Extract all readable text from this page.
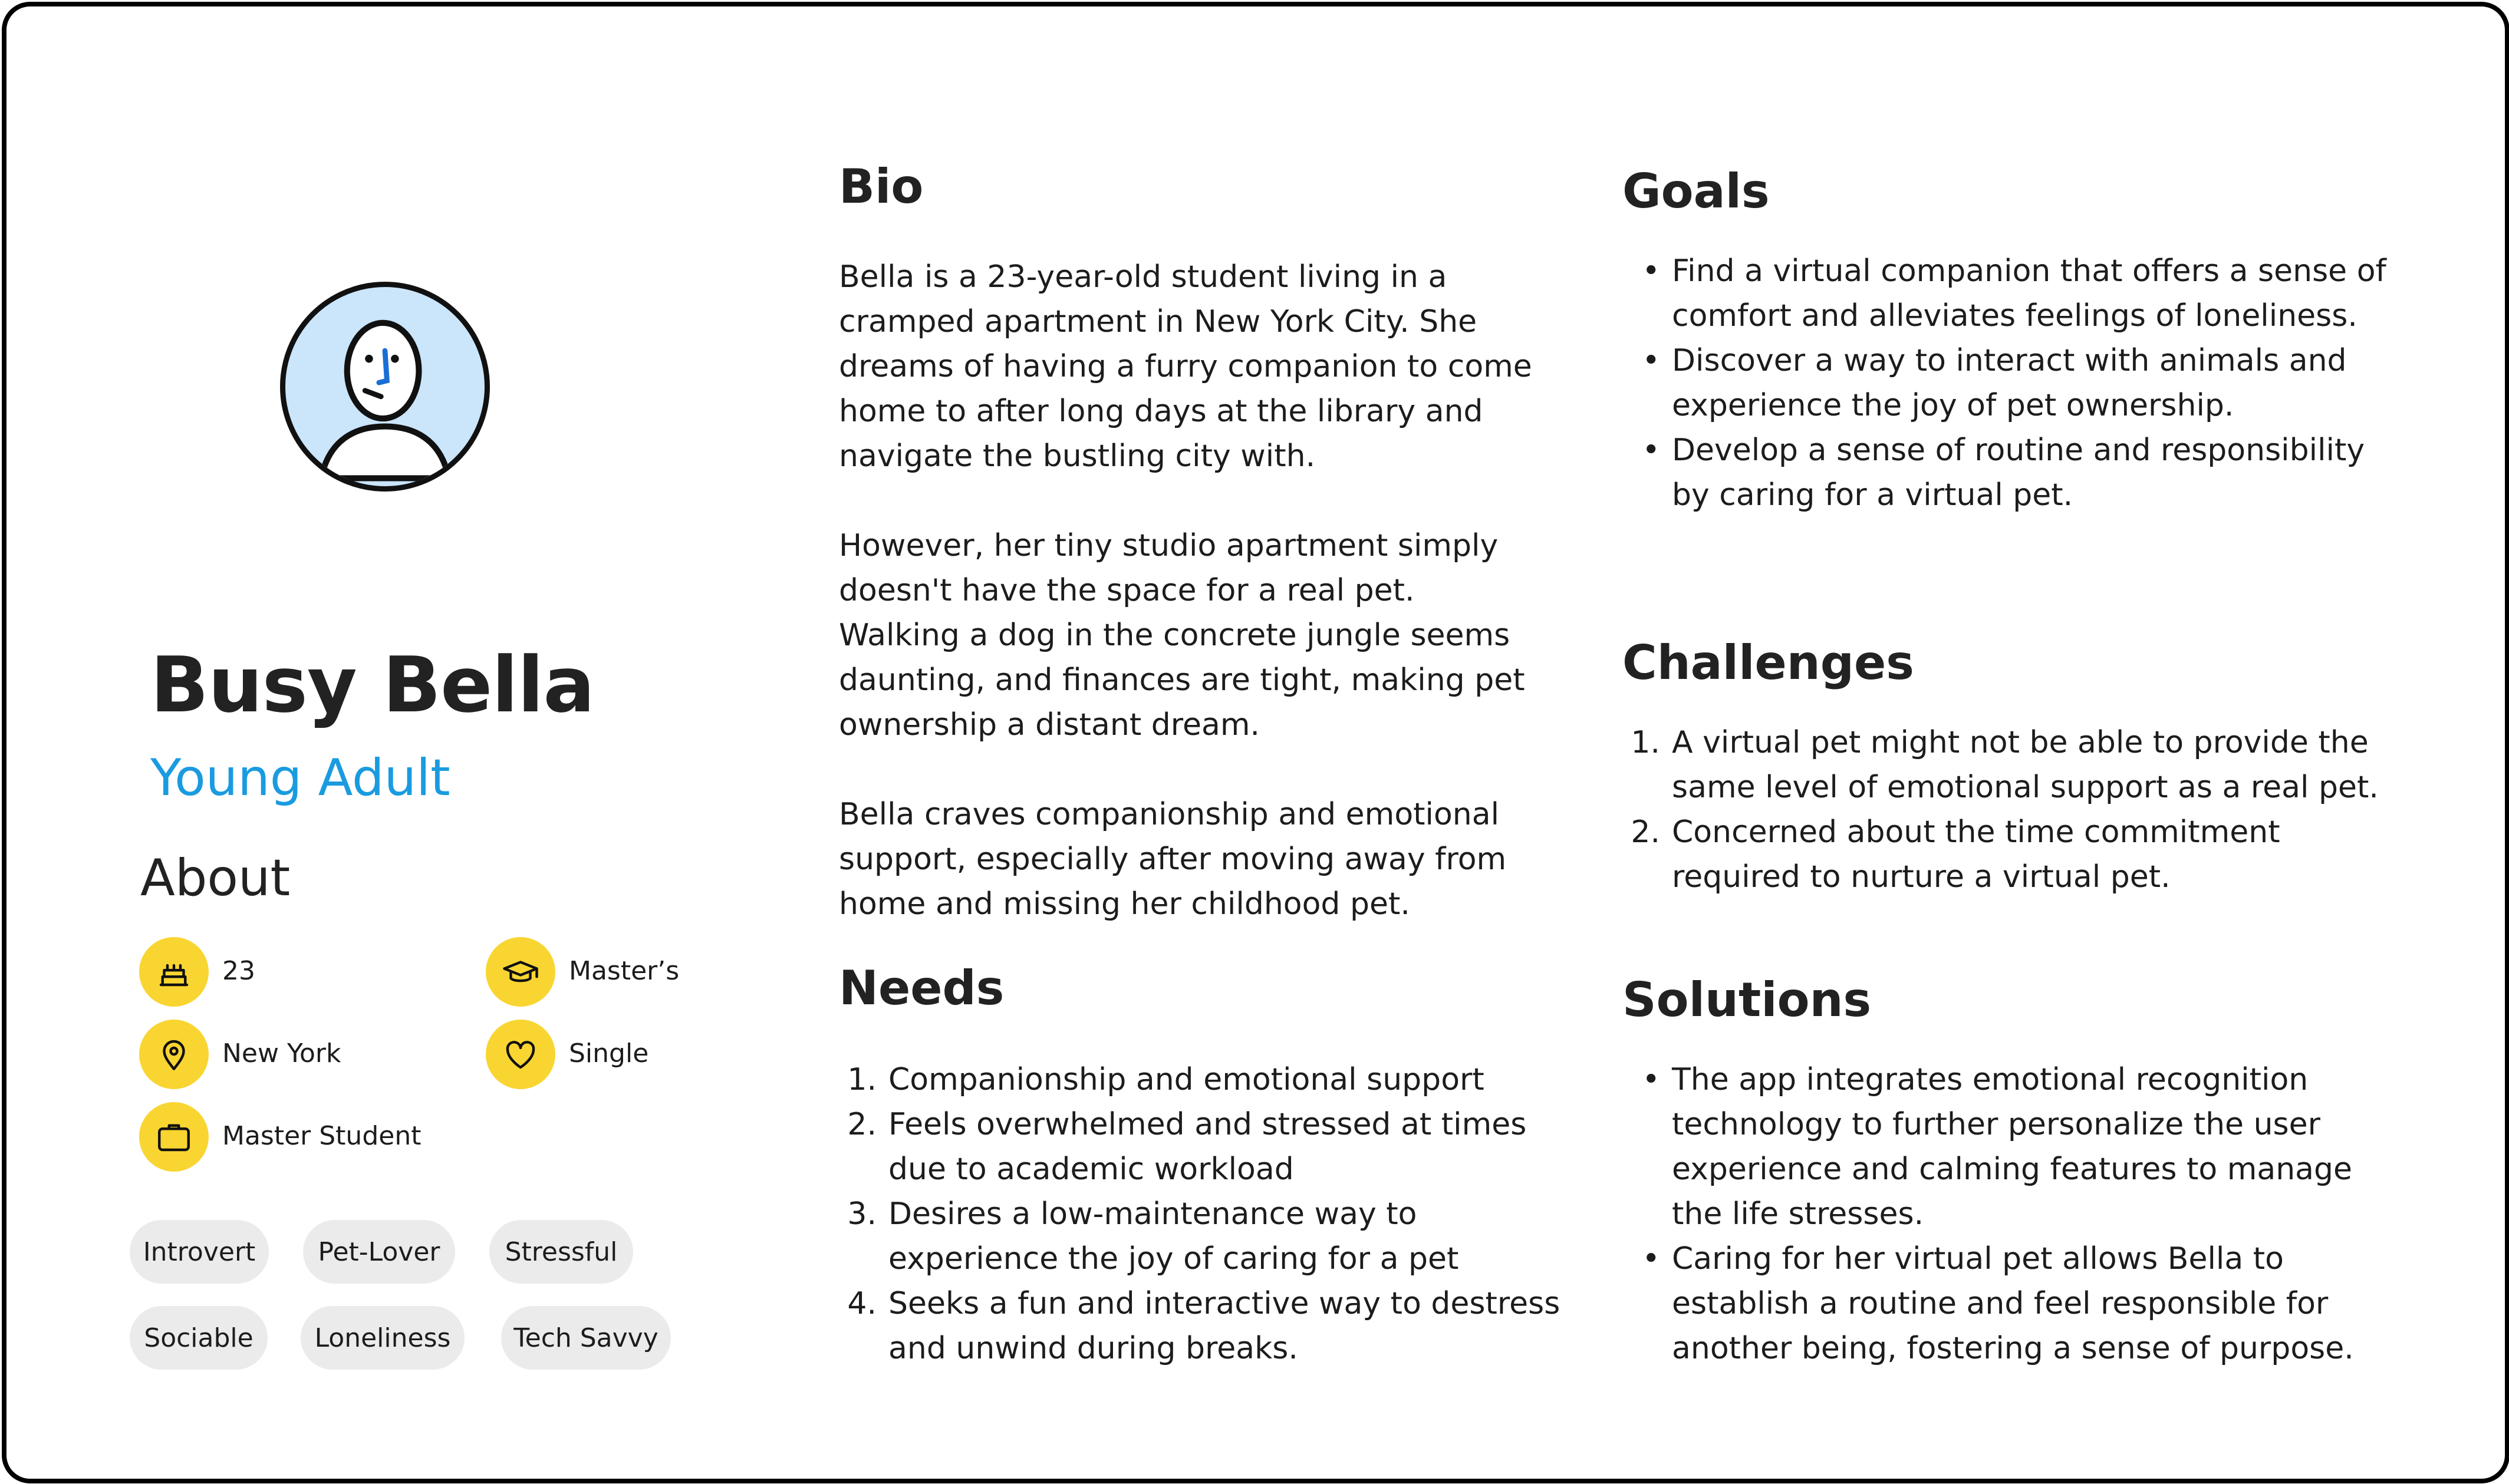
Busy Bella
Young Adult
About
23	Master’s
New York	Single
Master Student
Introvert	Pet-Lover	Stressful
Sociable	Loneliness	Tech Savvy
Bio
Bella is a 23-year-old student living in a cramped apartment in New York City. She dreams of having a furry companion to come home to after long days at the library and navigate the bustling city with.
However, her tiny studio apartment simply doesn't have the space for a real pet. Walking a dog in the concrete jungle seems daunting, and finances are tight, making pet ownership a distant dream.
Bella craves companionship and emotional support, especially after moving away from home and missing her childhood pet.
Needs
1. Companionship and emotional support
2. Feels overwhelmed and stressed at times due to academic workload
3. Desires a low-maintenance way to experience the joy of caring for a pet
4. Seeks a fun and interactive way to destress and unwind during breaks.
Goals
• Find a virtual companion that offers a sense of comfort and alleviates feelings of loneliness.
• Discover a way to interact with animals and experience the joy of pet ownership.
• Develop a sense of routine and responsibility by caring for a virtual pet.
Challenges
1. A virtual pet might not be able to provide the same level of emotional support as a real pet.
2. Concerned about the time commitment required to nurture a virtual pet.
Solutions
• The app integrates emotional recognition technology to further personalize the user experience and calming features to manage the life stresses.
• Caring for her virtual pet allows Bella to establish a routine and feel responsible for another being, fostering a sense of purpose.
